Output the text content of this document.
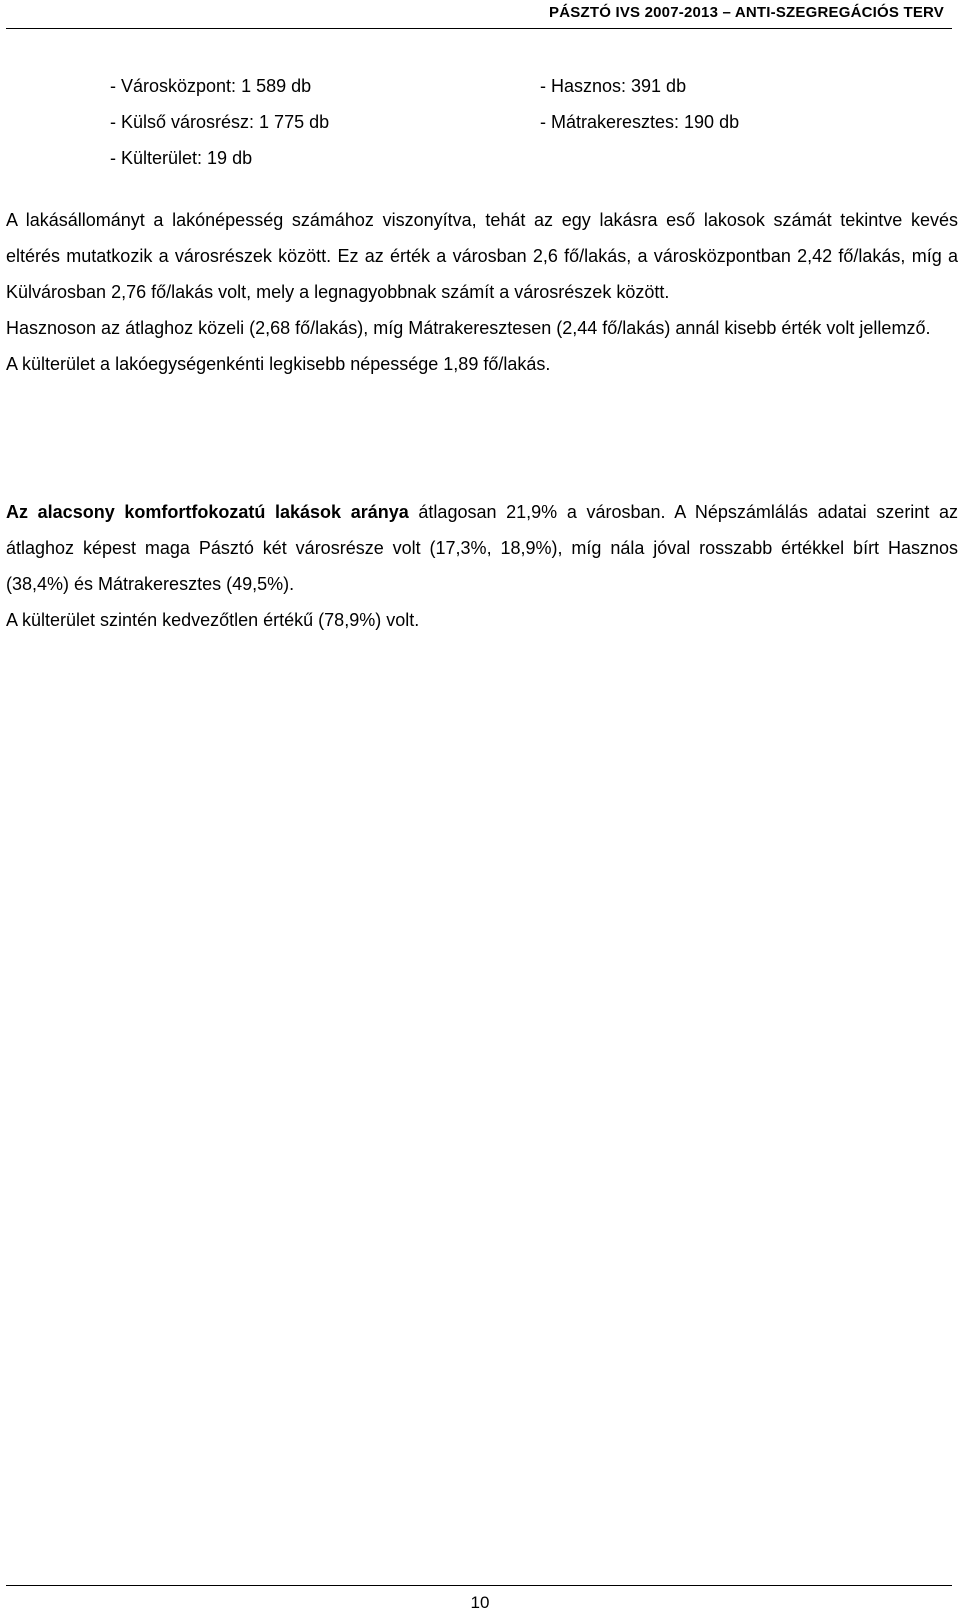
PÁSZTÓ IVS 2007-2013 – ANTI-SZEGREGÁCIÓS TERV
- Városközpont: 1 589 db	- Hasznos: 391 db
- Külső városrész: 1 775 db	- Mátrakeresztes: 190 db
- Külterület: 19 db

A lakásállományt a lakónépesség számához viszonyítva, tehát az egy lakásra eső lakosok számát tekintve kevés eltérés mutatkozik a városrészek között. Ez az érték a városban 2,6 fő/lakás, a városközpontban 2,42 fő/lakás, míg a Külvárosban 2,76 fő/lakás volt, mely a legnagyobbnak számít a városrészek között.

Hasznoson az átlaghoz közeli (2,68 fő/lakás), míg Mátrakeresztesen (2,44 fő/lakás) annál kisebb érték volt jellemző.

A külterület a lakóegységenkénti legkisebb népessége 1,89 fő/lakás.

Az alacsony komfortfokozatú lakások aránya átlagosan 21,9% a városban. A Népszámlálás adatai szerint az átlaghoz képest maga Pásztó két városrésze volt (17,3%, 18,9%), míg nála jóval rosszabb értékkel bírt Hasznos (38,4%) és Mátrakeresztes (49,5%).

A külterület szintén kedvezőtlen értékű (78,9%) volt.

10
